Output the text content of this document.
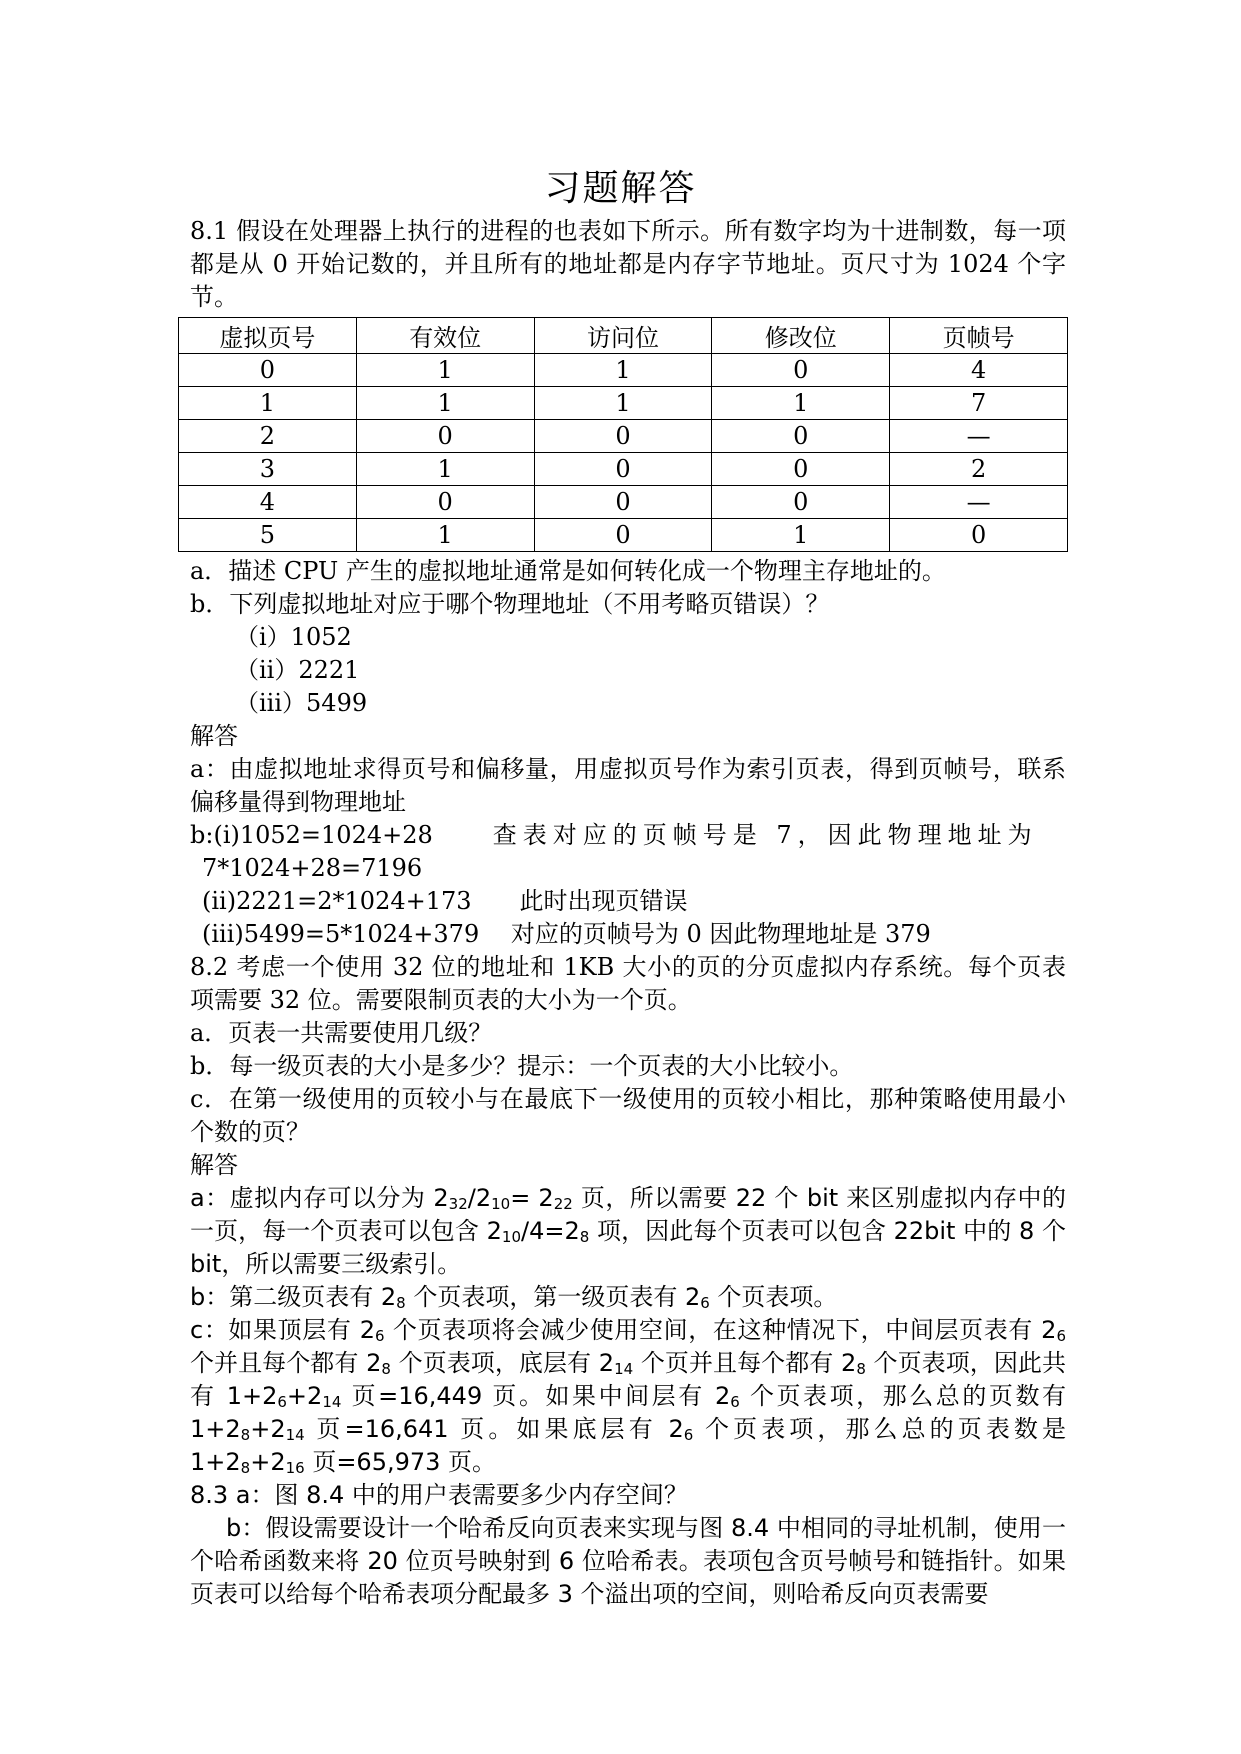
习题解答

8.1 假设在处理器上执行的进程的也表如下所示。所有数字均为十进制数，每一项都是从 0 开始记数的，并且所有的地址都是内存字节地址。页尺寸为 1024 个字节。

虚拟页号	有效位	访问位	修改位	页帧号
0	1	1	0	4
1	1	1	1	7
2	0	0	0	—
3	1	0	0	2
4	0	0	0	—
5	1	0	1	0

a．描述 CPU 产生的虚拟地址通常是如何转化成一个物理主存地址的。

b．下列虚拟地址对应于哪个物理地址（不用考略页错误）？

（i）1052

（ii）2221

（iii）5499

解答

a：由虚拟地址求得页号和偏移量，用虚拟页号作为索引页表，得到页帧号，联系偏移量得到物理地址

b:(i)1052=1024+28	查表对应的页帧号是 7，因此物理地址为

7*1024+28=7196

(ii)2221=2*1024+173　　此时出现页错误

(iii)5499=5*1024+379　 对应的页帧号为 0 因此物理地址是 379

8.2 考虑一个使用 32 位的地址和 1KB 大小的页的分页虚拟内存系统。每个页表项需要 32 位。需要限制页表的大小为一个页。

a．页表一共需要使用几级？

b．每一级页表的大小是多少？提示：一个页表的大小比较小。

c．在第一级使用的页较小与在最底下一级使用的页较小相比，那种策略使用最小个数的页？

解答

a：虚拟内存可以分为 $2_{32}/2_{10}= 2_{22}$ 页，所以需要 22 个 bit 来区别虚拟内存中的一页，每一个页表可以包含 $2_{10}/4=2_8$ 项，因此每个页表可以包含 22bit 中的 8 个 bit，所以需要三级索引。

b：第二级页表有 $2_8$ 个页表项，第一级页表有 $2_6$ 个页表项。

c：如果顶层有 $2_6$ 个页表项将会减少使用空间，在这种情况下，中间层页表有 $2_6$ 个并且每个都有 $2_8$ 个页表项，底层有 $2_{14}$ 个页并且每个都有 $2_8$ 个页表项，因此共有 $1+2_6+2_{14}$ 页=16,449 页。如果中间层有 $2_6$ 个页表项，那么总的页数有 $1+2_8+2_{14}$ 页=16,641 页。如果底层有 $2_6$ 个页表项，那么总的页表数是 $1+2_8+2_{16}$ 页=65,973 页。

8.3 a：图 8.4 中的用户表需要多少内存空间？

b：假设需要设计一个哈希反向页表来实现与图 8.4 中相同的寻址机制，使用一个哈希函数来将 20 位页号映射到 6 位哈希表。表项包含页号帧号和链指针。如果页表可以给每个哈希表项分配最多 3 个溢出项的空间，则哈希反向页表需要
